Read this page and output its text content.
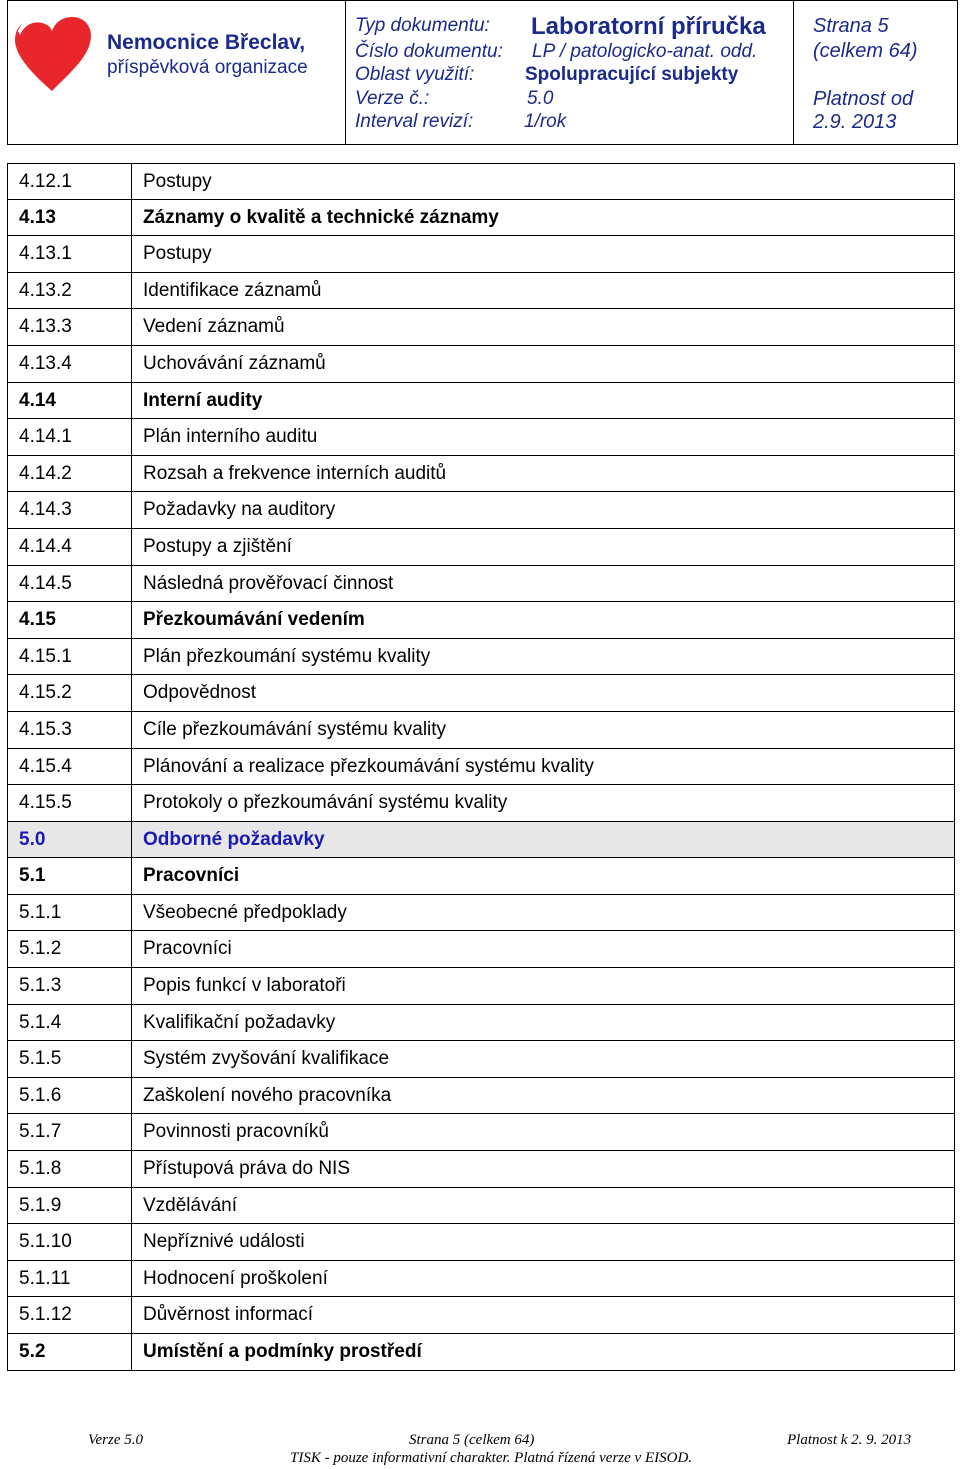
Nemocnice Břeclav,
příspěvková organizace
Typ dokumentu: Laboratorní příručka
Číslo dokumentu: LP / patologicko-anat. odd.
Oblast využití:	Spolupracující subjekty
Verze č.:	5.0
Interval revizí:	1/rok
Strana 5
(celkem 64)
Platnost od
2.9. 2013
4.12.1	Postupy
4.13	Záznamy o kvalitě a technické záznamy
4.13.1	Postupy
4.13.2	Identifikace záznamů
4.13.3	Vedení záznamů
4.13.4	Uchovávání záznamů
4.14	Interní audity
4.14.1	Plán interního auditu
4.14.2	Rozsah a frekvence interních auditů
4.14.3	Požadavky na auditory
4.14.4	Postupy a zjištění
4.14.5	Následná prověřovací činnost
4.15	Přezkoumávání vedením
4.15.1	Plán přezkoumání systému kvality
4.15.2	Odpovědnost
4.15.3	Cíle přezkoumávání systému kvality
4.15.4	Plánování a realizace přezkoumávání systému kvality
4.15.5	Protokoly o přezkoumávání systému kvality
5.0	Odborné požadavky
5.1	Pracovníci
5.1.1	Všeobecné předpoklady
5.1.2	Pracovníci
5.1.3	Popis funkcí v laboratoři
5.1.4	Kvalifikační požadavky
5.1.5	Systém zvyšování kvalifikace
5.1.6	Zaškolení nového pracovníka
5.1.7	Povinnosti pracovníků
5.1.8	Přístupová práva do NIS
5.1.9	Vzdělávání
5.1.10	Nepříznivé události
5.1.11	Hodnocení proškolení
5.1.12	Důvěrnost informací
5.2	Umístění a podmínky prostředí
Verze 5.0	Strana 5 (celkem 64)	Platnost k 2. 9. 2013
TISK - pouze informativní charakter. Platná řízená verze v EISOD.
